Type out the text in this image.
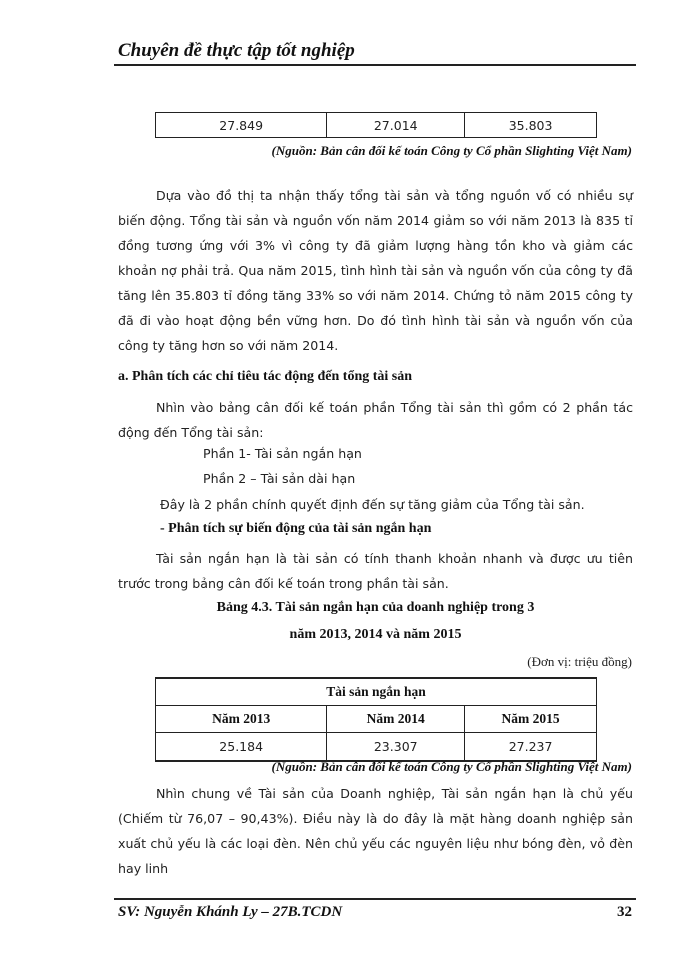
Chuyên đề thực tập tốt nghiệp
27.849	27.014	35.803
(Nguồn: Bản cân đối kế toán Công ty Cổ phần Slighting Việt Nam)
Dựa vào đồ thị ta nhận thấy tổng tài sản và tổng nguồn vố có nhiều sự biến động. Tổng tài sản và nguồn vốn năm 2014 giảm so với năm 2013 là 835 tỉ đồng tương ứng với 3% vì công ty đã giảm lượng hàng tồn kho và giảm các khoản nợ phải trả. Qua năm 2015, tình hình tài sản và nguồn vốn của công ty đã tăng lên 35.803 tỉ đồng tăng 33% so với năm 2014. Chứng tỏ năm 2015 công ty đã đi vào hoạt động bền vững hơn. Do đó tình hình tài sản và nguồn vốn của công ty tăng hơn so với năm 2014.
a. Phân tích các chỉ tiêu tác động đến tổng tài sản
Nhìn vào bảng cân đối kế toán phần Tổng tài sản thì gồm có 2 phần tác động đến Tổng tài sản:
Phần 1- Tài sản ngắn hạn
Phần 2 – Tài sản dài hạn
Đây là 2 phần chính quyết định đến sự tăng giảm của Tổng tài sản.
- Phân tích sự biến động của tài sản ngắn hạn
Tài sản ngắn hạn là tài sản có tính thanh khoản nhanh và được ưu tiên trước trong bảng cân đối kế toán trong phần tài sản.
Bảng 4.3. Tài sản ngắn hạn của doanh nghiệp trong 3
năm 2013, 2014 và năm 2015
(Đơn vị: triệu đồng)
Tài sản ngắn hạn		
Năm 2013	Năm 2014	Năm 2015
25.184	23.307	27.237
(Nguồn: Bản cân đối kế toán Công ty Cổ phần Slighting Việt Nam)
Nhìn chung về Tài sản của Doanh nghiệp, Tài sản ngắn hạn là chủ yếu (Chiếm từ 76,07 – 90,43%). Điều này là do đây là mặt hàng doanh nghiệp sản xuất chủ yếu là các loại đèn. Nên chủ yếu các nguyên liệu như bóng đèn, vỏ đèn hay linh
SV: Nguyễn Khánh Ly – 27B.TCDN	32
